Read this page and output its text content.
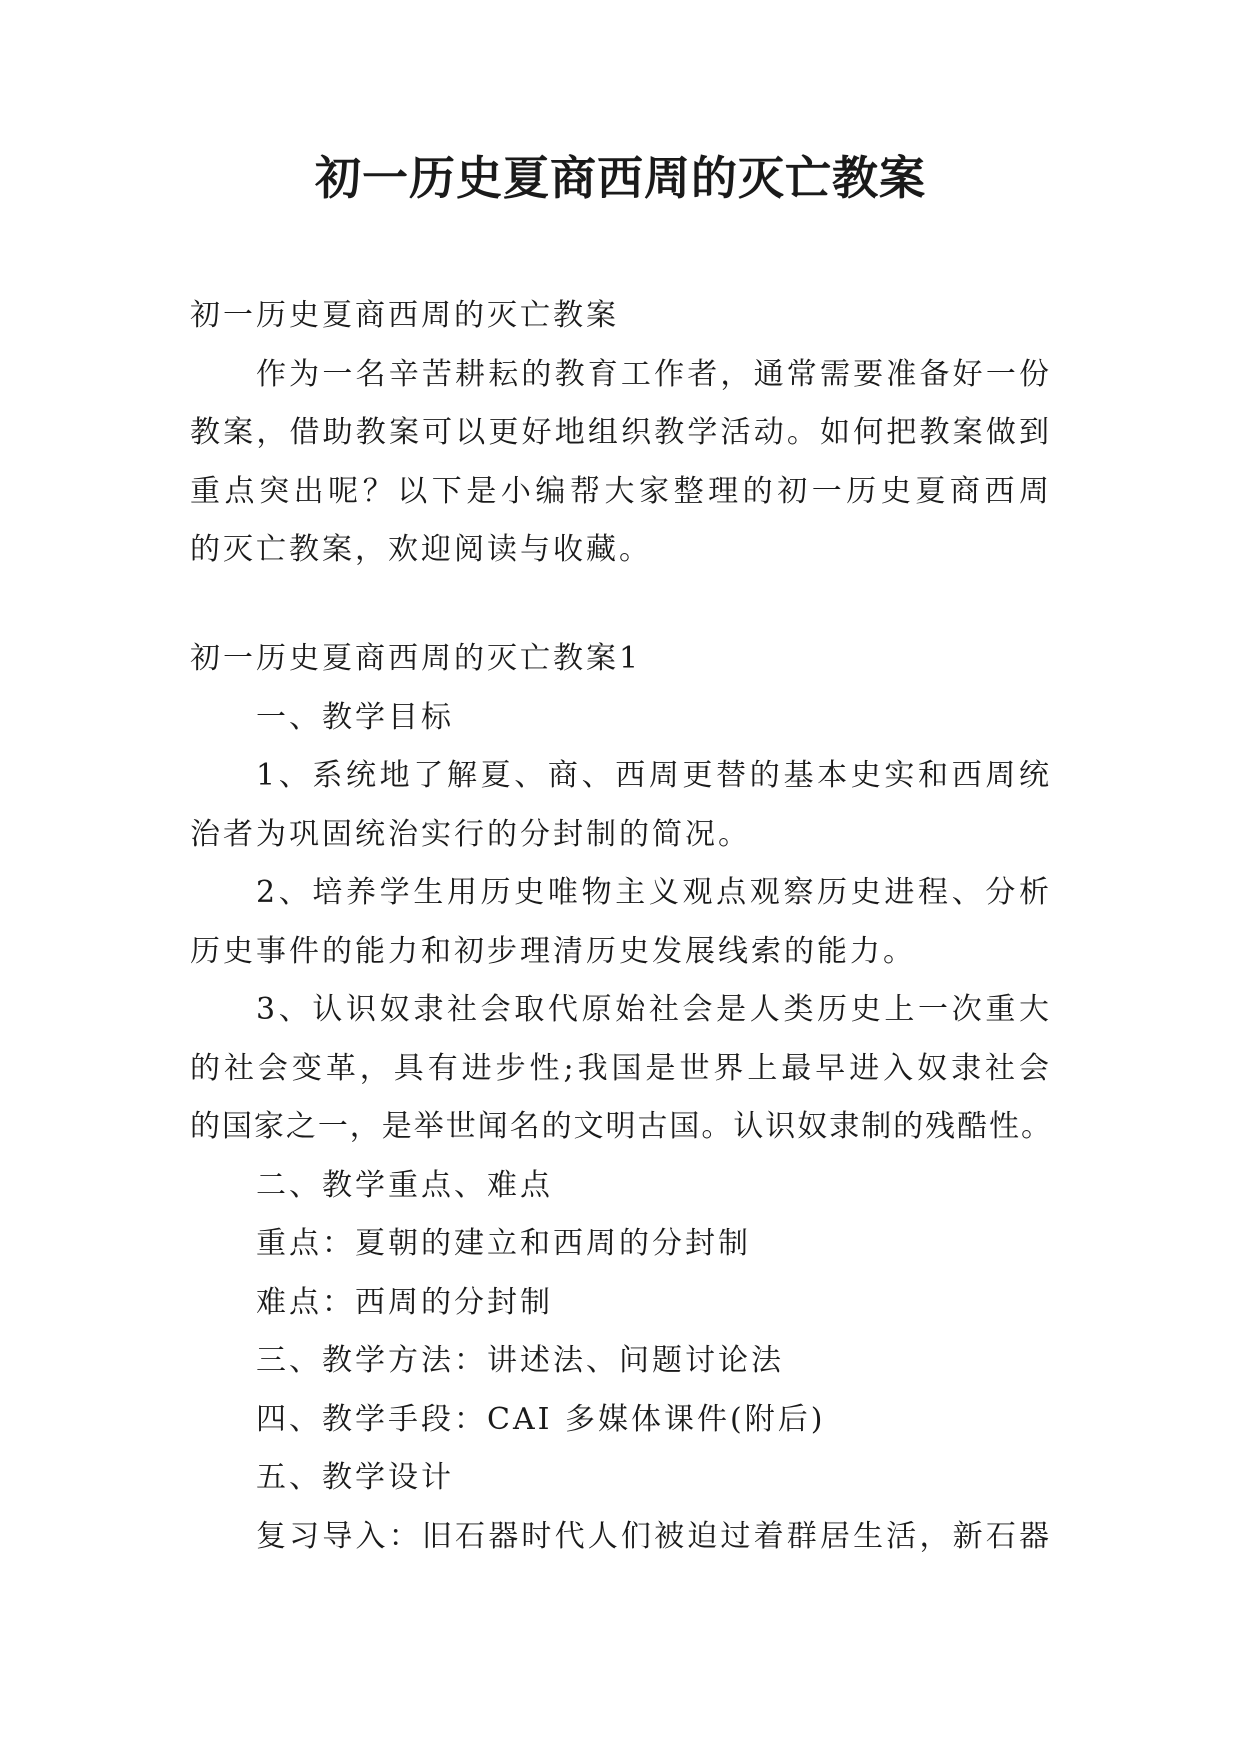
初一历史夏商西周的灭亡教案
初一历史夏商西周的灭亡教案
作为一名辛苦耕耘的教育工作者，通常需要准备好一份
教案，借助教案可以更好地组织教学活动。如何把教案做到
重点突出呢？以下是小编帮大家整理的初一历史夏商西周
的灭亡教案，欢迎阅读与收藏。
初一历史夏商西周的灭亡教案1
一、教学目标
1、系统地了解夏、商、西周更替的基本史实和西周统
治者为巩固统治实行的分封制的简况。
2、培养学生用历史唯物主义观点观察历史进程、分析
历史事件的能力和初步理清历史发展线索的能力。
3、认识奴隶社会取代原始社会是人类历史上一次重大
的社会变革，具有进步性;我国是世界上最早进入奴隶社会
的国家之一，是举世闻名的文明古国。认识奴隶制的残酷性。
二、教学重点、难点
重点：夏朝的建立和西周的分封制
难点：西周的分封制
三、教学方法：讲述法、问题讨论法
四、教学手段：CAI 多媒体课件(附后)
五、教学设计
复习导入：旧石器时代人们被迫过着群居生活，新石器
